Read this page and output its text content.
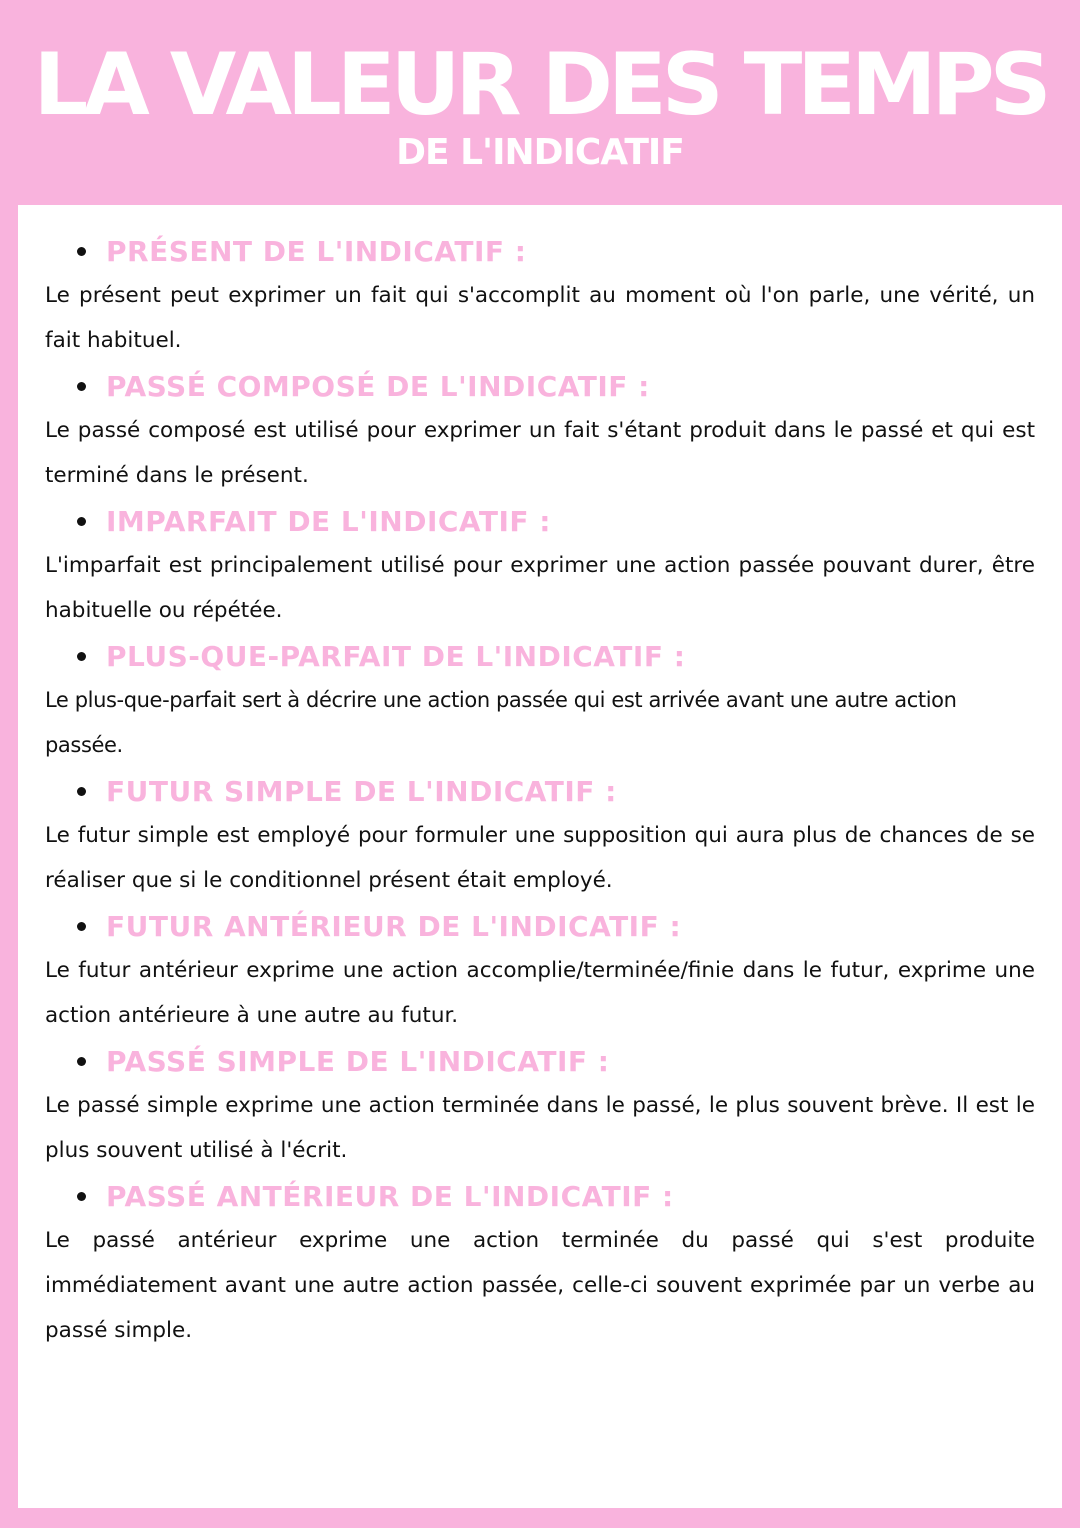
LA VALEUR DES TEMPS
DE L'INDICATIF
PRÉSENT DE L'INDICATIF :

Le présent peut exprimer un fait qui s'accomplit au moment où l'on parle, une vérité, un fait habituel.

PASSÉ COMPOSÉ DE L'INDICATIF :

Le passé composé est utilisé pour exprimer un fait s'étant produit dans le passé et qui est terminé dans le présent.

IMPARFAIT DE L'INDICATIF :

L'imparfait est principalement utilisé pour exprimer une action passée pouvant durer, être habituelle ou répétée.

PLUS-QUE-PARFAIT DE L'INDICATIF :

Le plus-que-parfait sert à décrire une action passée qui est arrivée avant une autre action passée.

FUTUR SIMPLE DE L'INDICATIF :

Le futur simple est employé pour formuler une supposition qui aura plus de chances de se réaliser que si le conditionnel présent était employé.

FUTUR ANTÉRIEUR DE L'INDICATIF :

Le futur antérieur exprime une action accomplie/terminée/finie dans le futur, exprime une action antérieure à une autre au futur.

PASSÉ SIMPLE DE L'INDICATIF :

Le passé simple exprime une action terminée dans le passé, le plus souvent brève. Il est le plus souvent utilisé à l'écrit.

PASSÉ ANTÉRIEUR DE L'INDICATIF :

Le passé antérieur exprime une action terminée du passé qui s'est produite immédiatement avant une autre action passée, celle-ci souvent exprimée par un verbe au passé simple.
